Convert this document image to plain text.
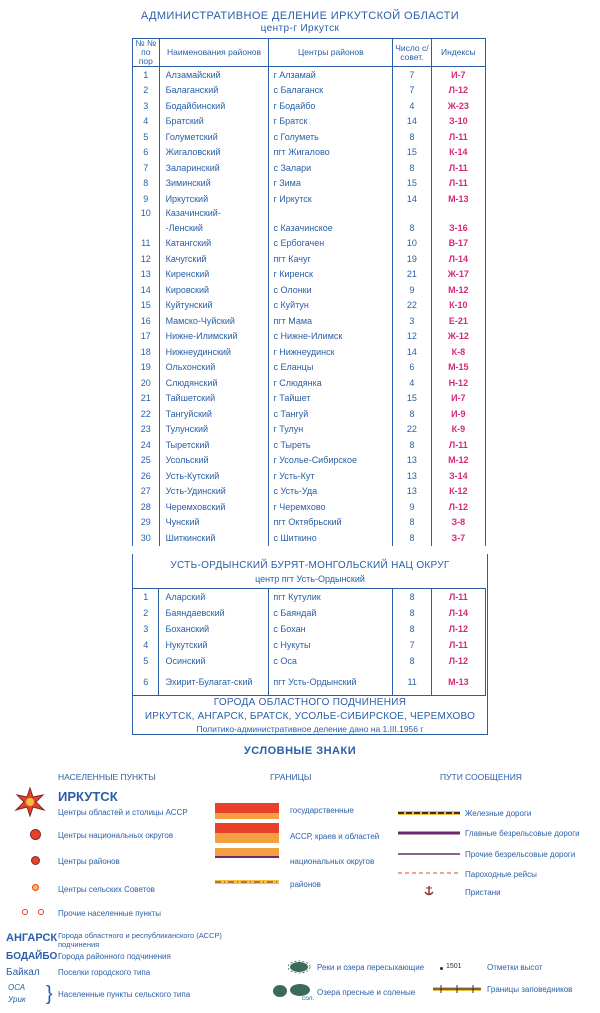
АДМИНИСТРАТИВНОЕ ДЕЛЕНИЕ ИРКУТСКОЙ ОБЛАСТИ
центр-г Иркутск
№ № по пор	Наименования районов	Центры районов	Число с/совет.	Индексы
1	Алзамайский	г Алзамай	7	И-7
2	Балаганский	с Балаганск	7	Л-12
3	Бодайбинский	г Бодайбо	4	Ж-23
4	Братский	г Братск	14	З-10
5	Голуметский	с Голуметь	8	Л-11
6	Жигаловский	пгт Жигалово	15	К-14
7	Заларинский	с Залари	8	Л-11
8	Зиминский	г Зима	15	Л-11
9	Иркутский	г Иркутск	14	М-13
10	Казачинский-			
	-Ленский	с Казачинское	8	З-16
11	Катангский	с Ербогачен	10	В-17
12	Качугский	пгт Качуг	19	Л-14
13	Киренский	г Киренск	21	Ж-17
14	Кировский	с Олонки	9	М-12
15	Куйтунский	с Куйтун	22	К-10
16	Мамско-Чуйский	пгт Мама	3	Е-21
17	Нижне-Илимский	с Нижне-Илимск	12	Ж-12
18	Нижнеудинский	г Нижнеудинск	14	К-8
19	Ольхонский	с Еланцы	6	М-15
20	Слюдянский	г Слюдянка	4	Н-12
21	Тайшетский	г Тайшет	15	И-7
22	Тангуйский	с Тангуй	8	И-9
23	Тулунский	г Тулун	22	К-9
24	Тыретский	с Тыреть	8	Л-11
25	Усольский	г Усолье-Сибирское	13	М-12
26	Усть-Кутский	г Усть-Кут	13	З-14
27	Усть-Удинский	с Усть-Уда	13	К-12
28	Черемховский	г Черемхово	9	Л-12
29	Чунский	пгт Октябрьский	8	З-8
30	Шиткинский	с Шиткино	8	З-7
УСТЬ-ОРДЫНСКИЙ БУРЯТ-МОНГОЛЬСКИЙ НАЦ ОКРУГ
центр пгт Усть-Ордынский
1	Аларский	пгт Кутулик	8	Л-11
2	Баяндаевский	с Баяндай	8	Л-14
3	Боханский	с Бохан	8	Л-12
4	Нукутский	с Нукуты	7	Л-11
5	Осинский	с Оса	8	Л-12
6	Эхирит-Булагат-ский	пгт Усть-Ордынский	11	М-13
ГОРОДА ОБЛАСТНОГО ПОДЧИНЕНИЯ
ИРКУТСК, АНГАРСК, БРАТСК, УСОЛЬЕ-СИБИРСКОЕ, ЧЕРЕМХОВО
Политико-административное деление дано на 1.III.1956 г
УСЛОВНЫЕ ЗНАКИ
НАСЕЛЕННЫЕ ПУНКТЫ	ГРАНИЦЫ	ПУТИ СООБЩЕНИЯ
ИРКУТСК
Центры областей и столицы АССР
Центры национальных округов
Центры районов
Центры сельских Советов
Прочие населенные пункты
АНГАРСК Города областного и республиканского (АССР) подчинения
БОДАЙБО Города районного подчинения
Байкал Поселки городского типа
ОСА
Урик } Населенные пункты сельского типа
государственные
АССР, краев и областей
национальных округов
районов
Железные дороги
Главные безрельсовые дороги
Прочие безрельсовые дороги
Пароходные рейсы
Пристани
Реки и озера пересыхающие
сол.
Озера пресные и соленые
1501	Отметки высот
Границы заповедников
